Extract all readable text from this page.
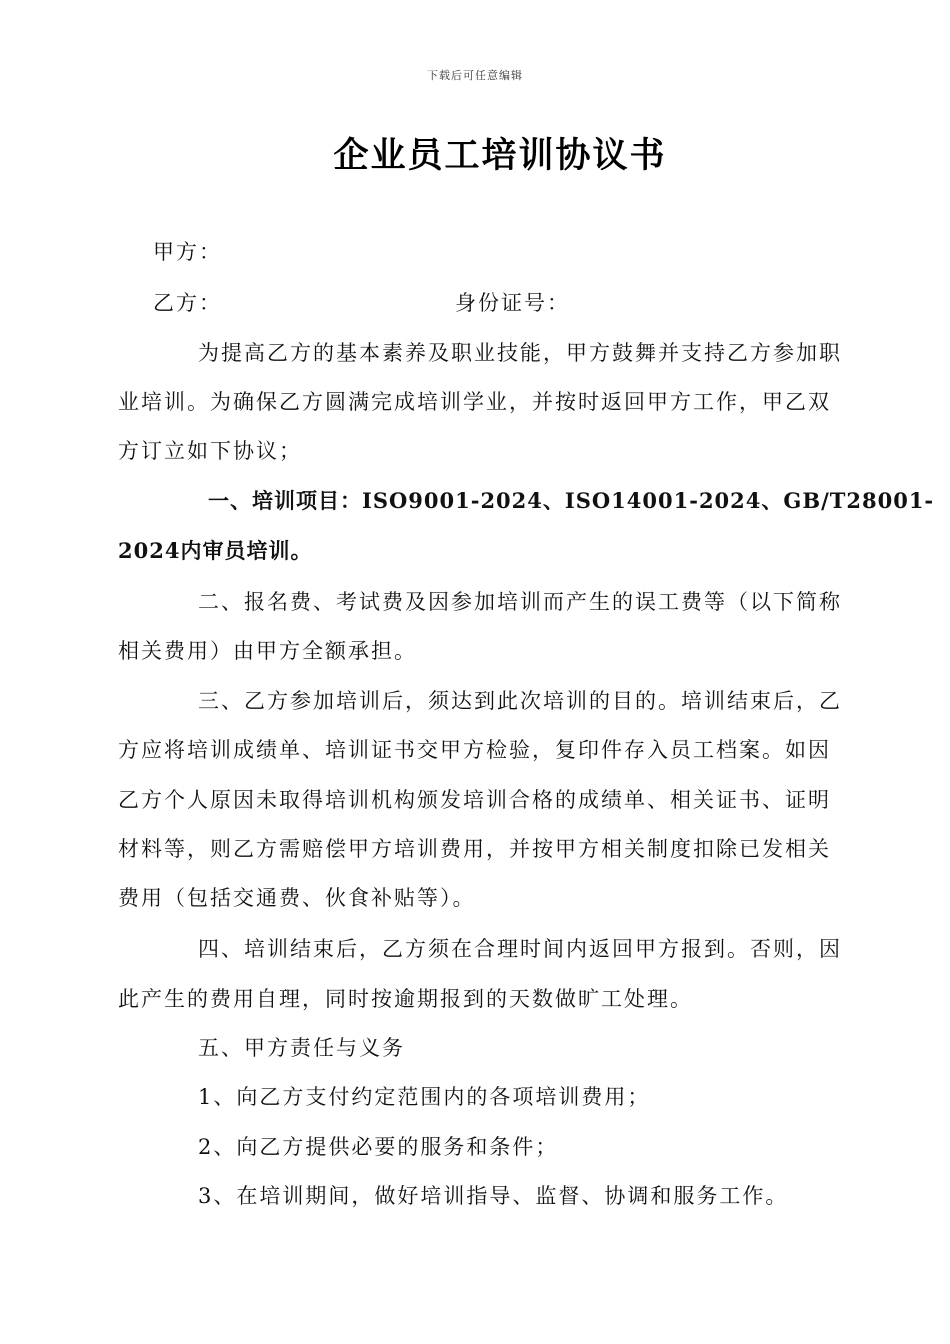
下载后可任意编辑
企业员工培训协议书
甲方：
乙方：	身份证号：
为提高乙方的基本素养及职业技能，甲方鼓舞并支持乙方参加职
业培训。为确保乙方圆满完成培训学业，并按时返回甲方工作，甲乙双
方订立如下协议；
一、培训项目：ISO9001-2024、ISO14001-2024、GB/T28001-
2024内审员培训。
二、报名费、考试费及因参加培训而产生的误工费等（以下简称
相关费用）由甲方全额承担。
三、乙方参加培训后，须达到此次培训的目的。培训结束后，乙
方应将培训成绩单、培训证书交甲方检验，复印件存入员工档案。如因
乙方个人原因未取得培训机构颁发培训合格的成绩单、相关证书、证明
材料等，则乙方需赔偿甲方培训费用，并按甲方相关制度扣除已发相关
费用（包括交通费、伙食补贴等）。
四、培训结束后，乙方须在合理时间内返回甲方报到。否则，因
此产生的费用自理，同时按逾期报到的天数做旷工处理。
五、甲方责任与义务
1、向乙方支付约定范围内的各项培训费用；
2、向乙方提供必要的服务和条件；
3、在培训期间，做好培训指导、监督、协调和服务工作。
